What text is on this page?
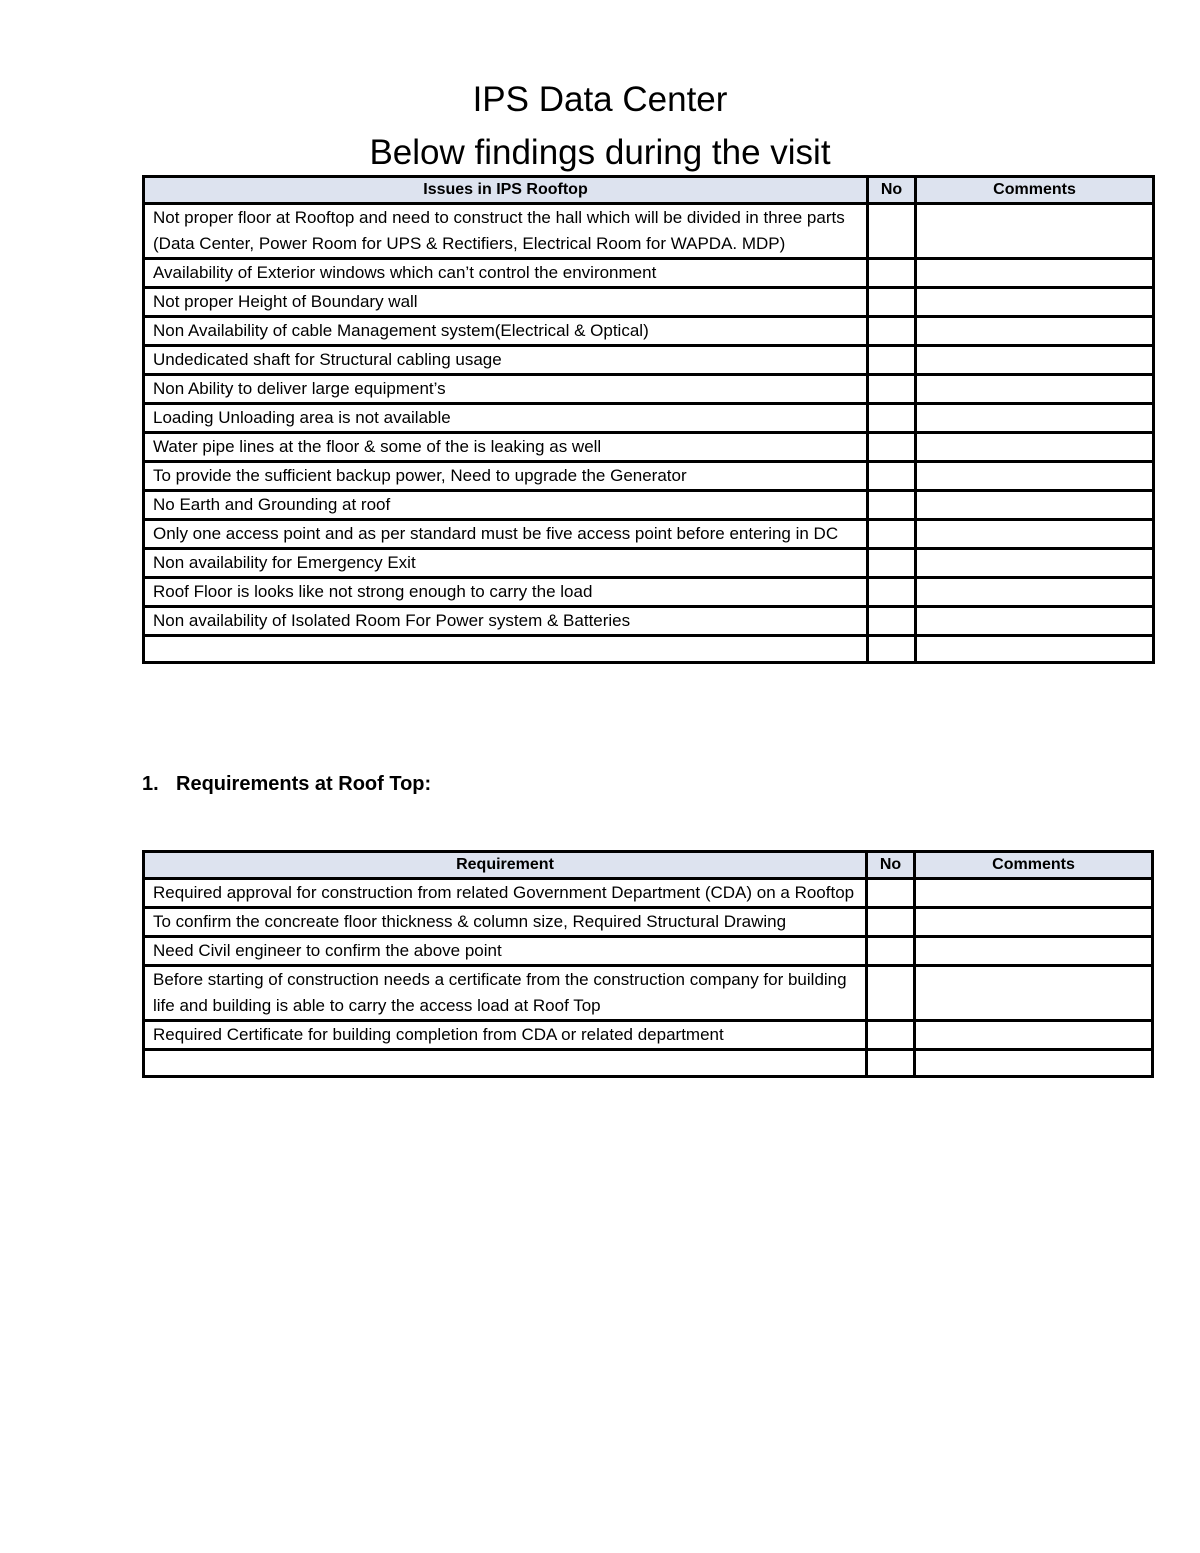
IPS Data Center
Below findings during the visit
Issues in IPS Rooftop	No	Comments
Not proper floor at Rooftop and need to construct the hall which will be divided in three parts (Data Center, Power Room for UPS & Rectifiers, Electrical Room for WAPDA. MDP)		
Availability of Exterior windows which can’t control the environment		
Not proper Height of Boundary wall		
Non Availability of cable Management system(Electrical & Optical)		
Undedicated shaft for Structural cabling usage		
Non Ability to deliver large equipment’s		
Loading Unloading area is not available		
Water pipe lines at the floor & some of the is leaking as well		
To provide the sufficient backup power, Need to upgrade the Generator		
No Earth and Grounding at roof		
Only one access point and as per standard must be five access point before entering in DC		
Non availability for Emergency Exit		
Roof Floor is looks like not strong enough to carry the load		
Non availability of Isolated Room For Power system & Batteries		

1. Requirements at Roof Top:
Requirement	No	Comments
Required approval for construction from related Government Department (CDA) on a Rooftop		
To confirm the concreate floor thickness & column size, Required Structural Drawing		
Need Civil engineer to confirm the above point		
Before starting of construction needs a certificate from the construction company for building life and building is able to carry the access load at Roof Top		
Required Certificate for building completion from CDA or related department		
